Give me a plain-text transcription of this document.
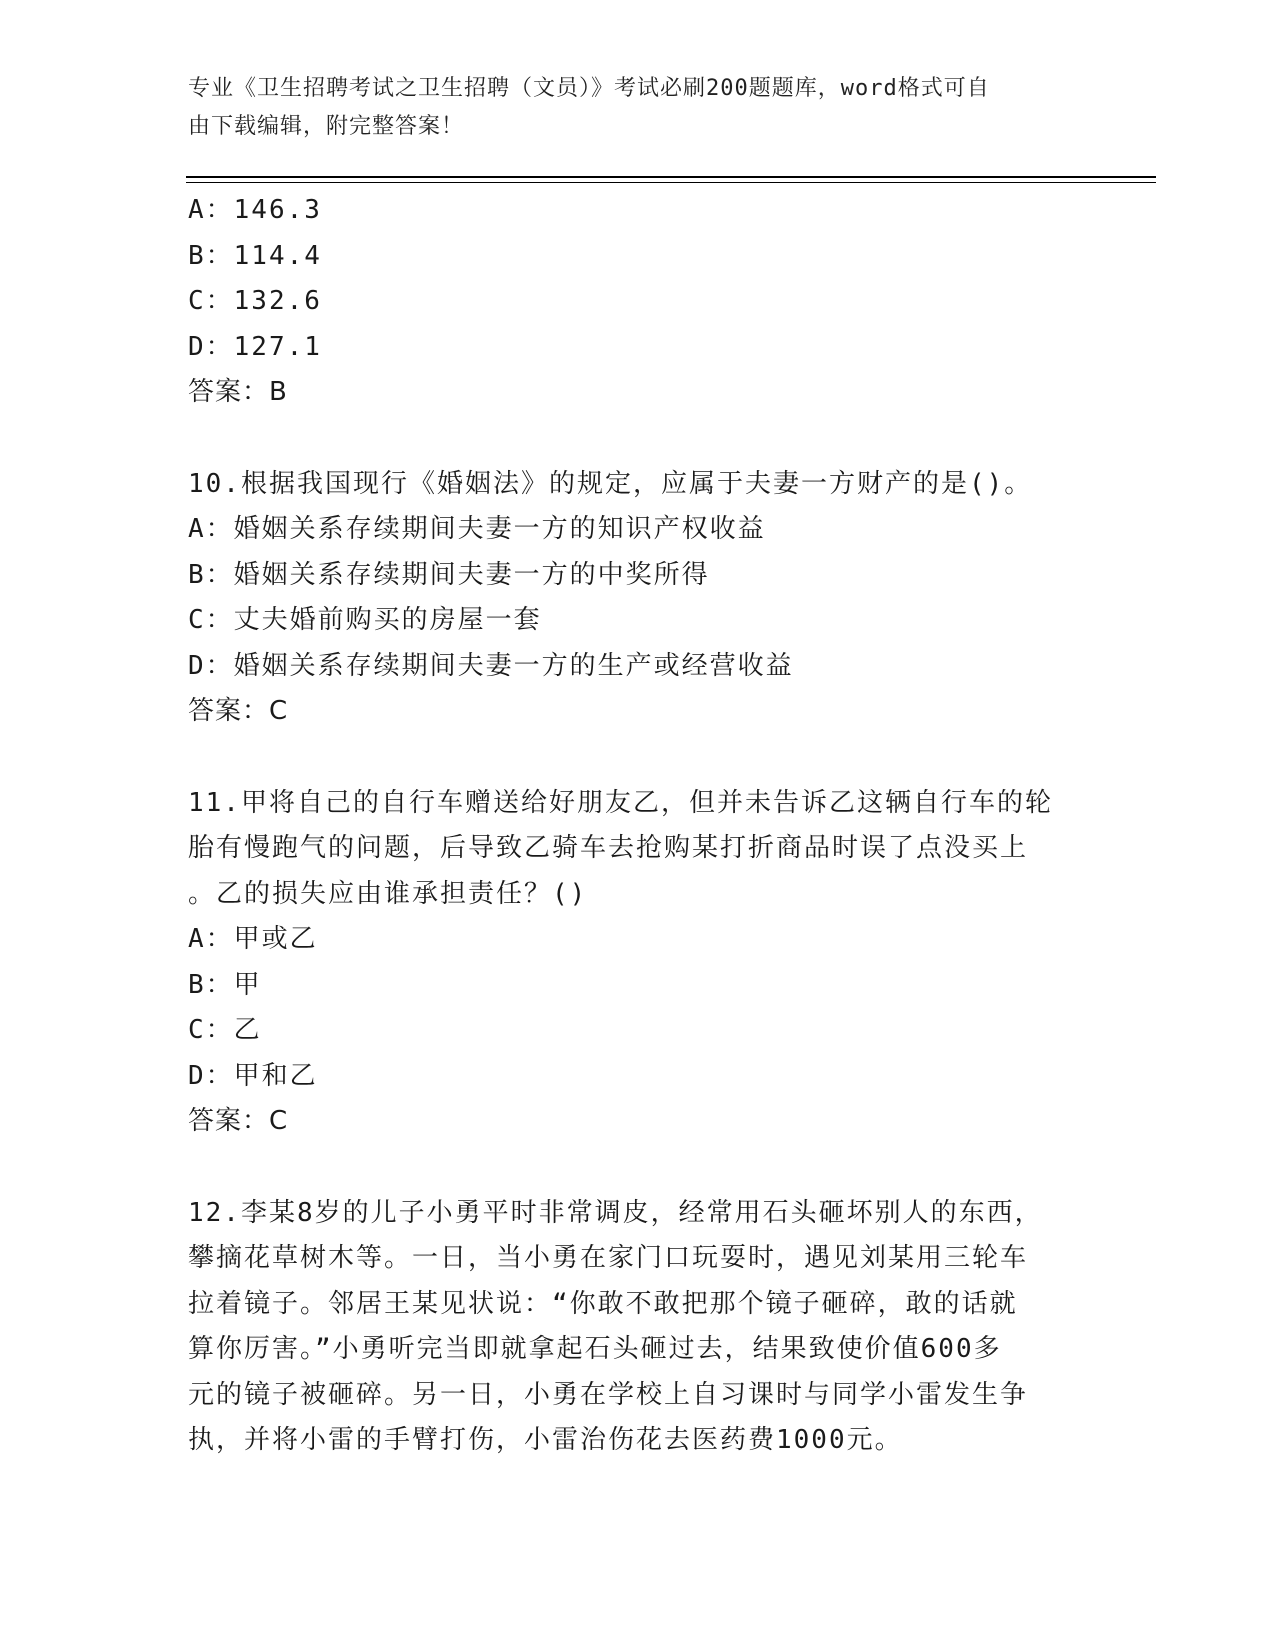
专业《卫生招聘考试之卫生招聘（文员）》考试必刷200题题库，word格式可自
由下载编辑，附完整答案！
A：146.3
B：114.4
C：132.6
D：127.1
答案：B
10.根据我国现行《婚姻法》的规定，应属于夫妻一方财产的是()。
A：婚姻关系存续期间夫妻一方的知识产权收益
B：婚姻关系存续期间夫妻一方的中奖所得
C：丈夫婚前购买的房屋一套
D：婚姻关系存续期间夫妻一方的生产或经营收益
答案：C
11.甲将自己的自行车赠送给好朋友乙，但并未告诉乙这辆自行车的轮
胎有慢跑气的问题，后导致乙骑车去抢购某打折商品时误了点没买上
。乙的损失应由谁承担责任？()
A：甲或乙
B：甲
C：乙
D：甲和乙
答案：C
12.李某8岁的儿子小勇平时非常调皮，经常用石头砸坏别人的东西，
攀摘花草树木等。一日，当小勇在家门口玩耍时，遇见刘某用三轮车
拉着镜子。邻居王某见状说：“你敢不敢把那个镜子砸碎，敢的话就
算你厉害。”小勇听完当即就拿起石头砸过去，结果致使价值600多
元的镜子被砸碎。另一日，小勇在学校上自习课时与同学小雷发生争
执，并将小雷的手臂打伤，小雷治伤花去医药费1000元。
